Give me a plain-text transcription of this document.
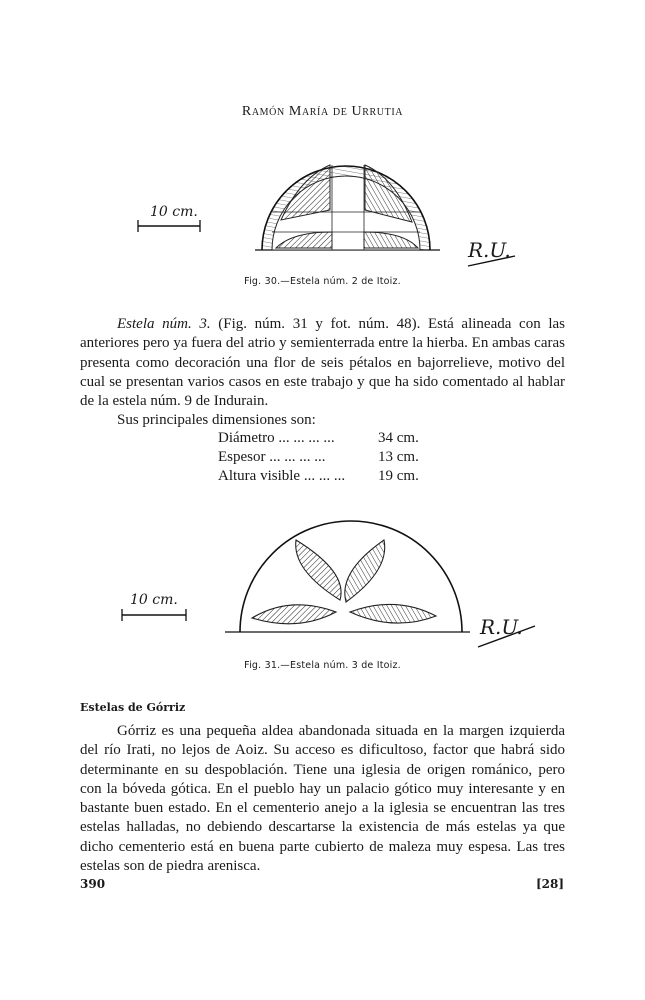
Ramón María de Urrutia
10 cm.
R.U.
Fig. 30.—Estela núm. 2 de Itoiz.

Estela núm. 3. (Fig. núm. 31 y fot. núm. 48). Está alineada con las anteriores pero ya fuera del atrio y semienterrada entre la hierba. En ambas caras presenta como decoración una flor de seis pétalos en bajorrelieve, motivo del cual se presentan varios casos en este trabajo y que ha sido comentado al hablar de la estela núm. 9 de Indurain.

Sus principales dimensiones son:

Diámetro ... ... ... ...	34 cm.
Espesor ... ... ... ...	13 cm.
Altura visible ... ... ...	19 cm.
10 cm.
R.U.
Fig. 31.—Estela núm. 3 de Itoiz.
Estelas de Górriz

Górriz es una pequeña aldea abandonada situada en la margen izquierda del río Irati, no lejos de Aoiz. Su acceso es dificultoso, factor que habrá sido determinante en su despoblación. Tiene una iglesia de origen románico, pero con la bóveda gótica. En el pueblo hay un palacio gótico muy interesante y en bastante buen estado. En el cementerio anejo a la iglesia se encuentran las tres estelas halladas, no debiendo descartarse la existencia de más estelas ya que dicho cementerio está en buena parte cubierto de maleza muy espesa. Las tres estelas son de piedra arenisca.

390	[28]
